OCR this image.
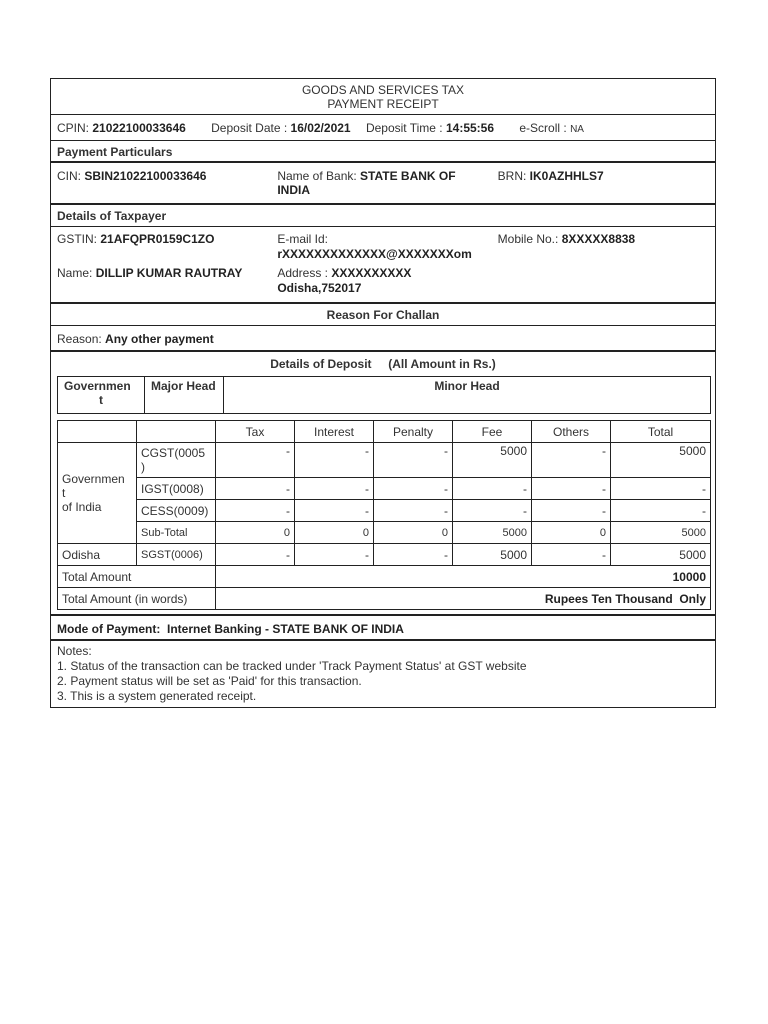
GOODS AND SERVICES TAX
PAYMENT RECEIPT
CPIN: 21022100033646 Deposit Date : 16/02/2021 Deposit Time : 14:55:56 e-Scroll : NA
Payment Particulars
CIN: SBIN21022100033646	Name of Bank: STATE BANK OF
INDIA
BRN: IK0AZHHLS7
Details of Taxpayer
GSTIN: 21AFQPR0159C1ZO	E-mail Id:
rXXXXXXXXXXXXX@XXXXXXXom
Mobile No.: 8XXXXX8838
Name: DILLIP KUMAR RAUTRAY	Address : XXXXXXXXXX
Odisha,752017
Reason For Challan
Reason: Any other payment
Details of Deposit (All Amount in Rs.)
Governmen

t
	Major Head	Minor Head
		Tax	Interest	Penalty	Fee	Others	Total
Governmen
t
of India	CGST(0005
)	-	-	-	5000	-	5000
	IGST(0008)	-	-	-	-	-	-
	CESS(0009)	-	-	-	-	-	-
	Sub-Total	0	0	0	5000	0	5000
Odisha	SGST(0006)	-	-	-	5000	-	5000
Total Amount		10000					
Total Amount (in words)		Rupees Ten Thousand  Only					
Mode of Payment: Internet Banking - STATE BANK OF INDIA
Notes:
1. Status of the transaction can be tracked under 'Track Payment Status' at GST website
2. Payment status will be set as 'Paid' for this transaction.
3. This is a system generated receipt.
